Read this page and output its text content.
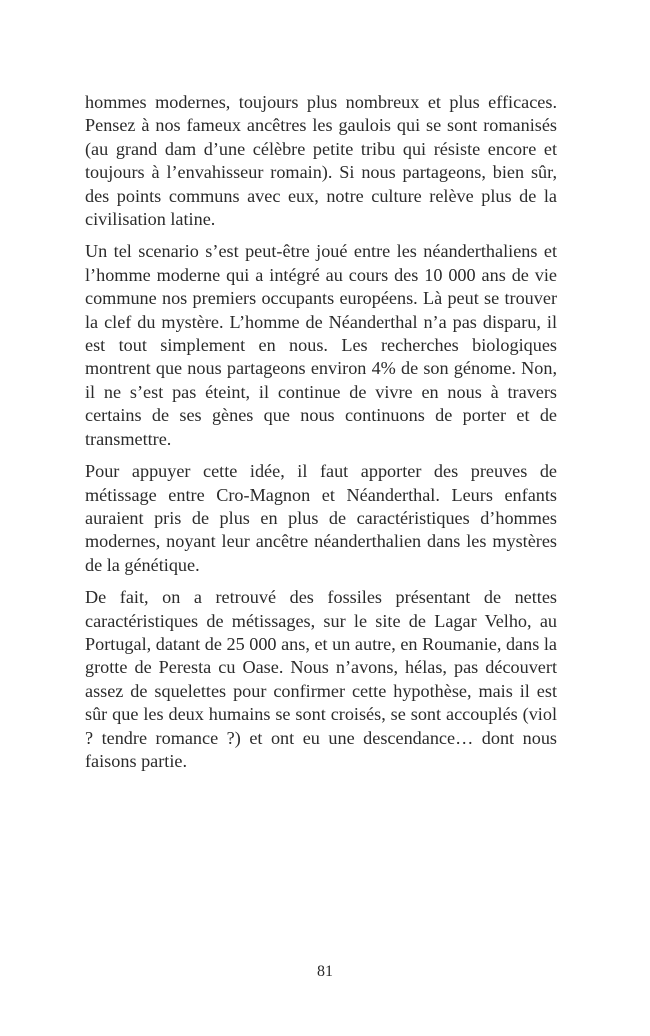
hommes modernes, toujours plus nombreux et plus efficaces. Pensez à nos fameux ancêtres les gaulois qui se sont romanisés (au grand dam d’une célèbre petite tribu qui résiste encore et toujours à l’envahisseur romain). Si nous partageons, bien sûr, des points communs avec eux, notre culture relève plus de la civilisation latine.

Un tel scenario s’est peut-être joué entre les néanderthaliens et l’homme moderne qui a intégré au cours des 10 000 ans de vie commune nos premiers occupants européens. Là peut se trouver la clef du mystère. L’homme de Néanderthal n’a pas disparu, il est tout simplement en nous. Les recherches biologiques montrent que nous partageons environ 4% de son génome. Non, il ne s’est pas éteint, il continue de vivre en nous à travers certains de ses gènes que nous continuons de porter et de transmettre.

Pour appuyer cette idée, il faut apporter des preuves de métissage entre Cro-Magnon et Néanderthal. Leurs enfants auraient pris de plus en plus de caractéristiques d’hommes modernes, noyant leur ancêtre néanderthalien dans les mystères de la génétique.

De fait, on a retrouvé des fossiles présentant de nettes caractéristiques de métissages, sur le site de Lagar Velho, au Portugal, datant de 25 000 ans, et un autre, en Roumanie, dans la grotte de Peresta cu Oase. Nous n’avons, hélas, pas découvert assez de squelettes pour confirmer cette hypothèse, mais il est sûr que les deux humains se sont croisés, se sont accouplés (viol ? tendre romance ?) et ont eu une descendance… dont nous faisons partie.

81
